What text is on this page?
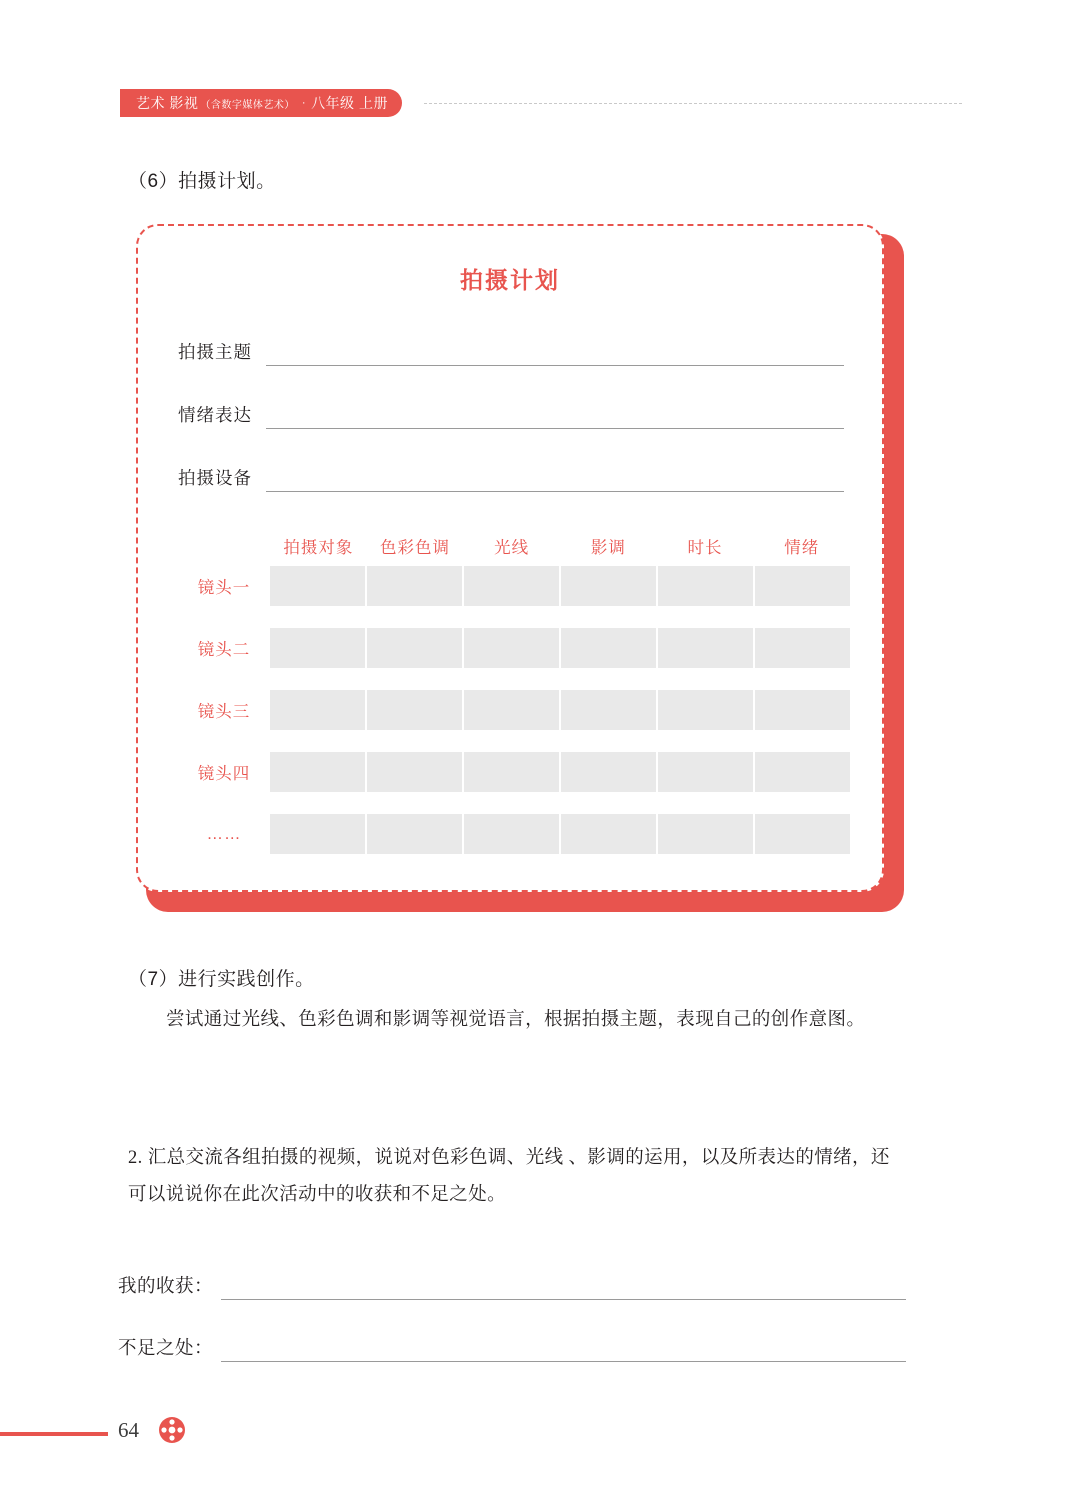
艺术 影视 （含数字媒体艺术） · 八年级 上册
（6）拍摄计划。
拍摄计划
拍摄主题
情绪表达
拍摄设备
拍摄对象	色彩色调	光线	影调	时长	情绪
镜头一
镜头二
镜头三
镜头四
……
（7）进行实践创作。
尝试通过光线、色彩色调和影调等视觉语言，根据拍摄主题，表现自己的创作意图。
2. 汇总交流各组拍摄的视频，说说对色彩色调、光线 、影调的运用，以及所表达的情绪，还可以说说你在此次活动中的收获和不足之处。
我的收获：
不足之处：
64
